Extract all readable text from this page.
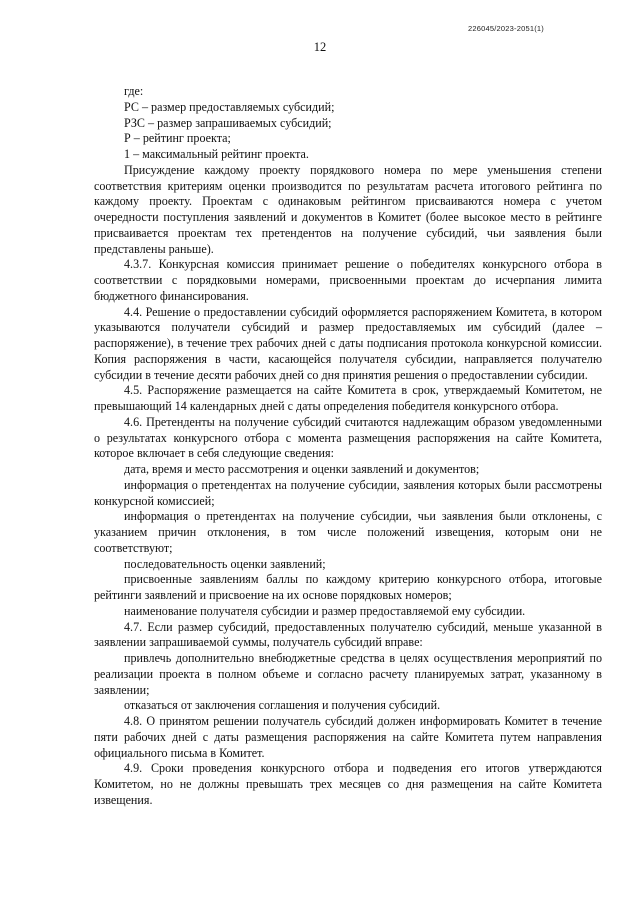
226045/2023-2051(1)
12

где:

РС – размер предоставляемых субсидий;

РЗС – размер запрашиваемых субсидий;

Р – рейтинг проекта;

1 – максимальный рейтинг проекта.

Присуждение каждому проекту порядкового номера по мере уменьшения степени соответствия критериям оценки производится по результатам расчета итогового рейтинга по каждому проекту. Проектам с одинаковым рейтингом присваиваются номера с учетом очередности поступления заявлений и документов в Комитет (более высокое место в рейтинге присваивается проектам тех претендентов на получение субсидий, чьи заявления были представлены раньше).

4.3.7. Конкурсная комиссия принимает решение о победителях конкурсного отбора в соответствии с порядковыми номерами, присвоенными проектам до исчерпания лимита бюджетного финансирования.

4.4. Решение о предоставлении субсидий оформляется распоряжением Комитета, в котором указываются получатели субсидий и размер предоставляемых им субсидий (далее – распоряжение), в течение трех рабочих дней с даты подписания протокола конкурсной комиссии. Копия распоряжения в части, касающейся получателя субсидии, направляется получателю субсидии в течение десяти рабочих дней со дня принятия решения о предоставлении субсидии.

4.5. Распоряжение размещается на сайте Комитета в срок, утверждаемый Комитетом, не превышающий 14 календарных дней с даты определения победителя конкурсного отбора.

4.6. Претенденты на получение субсидий считаются надлежащим образом уведомленными о результатах конкурсного отбора с момента размещения распоряжения на сайте Комитета, которое включает в себя следующие сведения:

дата, время и место рассмотрения и оценки заявлений и документов;

информация о претендентах на получение субсидии, заявления которых были рассмотрены конкурсной комиссией;

информация о претендентах на получение субсидии, чьи заявления были отклонены, с указанием причин отклонения, в том числе положений извещения, которым они не соответствуют;

последовательность оценки заявлений;

присвоенные заявлениям баллы по каждому критерию конкурсного отбора, итоговые рейтинги заявлений и присвоение на их основе порядковых номеров;

наименование получателя субсидии и размер предоставляемой ему субсидии.

4.7. Если размер субсидий, предоставленных получателю субсидий, меньше указанной в заявлении запрашиваемой суммы, получатель субсидий вправе:

привлечь дополнительно внебюджетные средства в целях осуществления мероприятий по реализации проекта в полном объеме и согласно расчету планируемых затрат, указанному в заявлении;

отказаться от заключения соглашения и получения субсидий.

4.8. О принятом решении получатель субсидий должен информировать Комитет в течение пяти рабочих дней с даты размещения распоряжения на сайте Комитета путем направления официального письма в Комитет.

4.9. Сроки проведения конкурсного отбора и подведения его итогов утверждаются Комитетом, но не должны превышать трех месяцев со дня размещения на сайте Комитета извещения.
